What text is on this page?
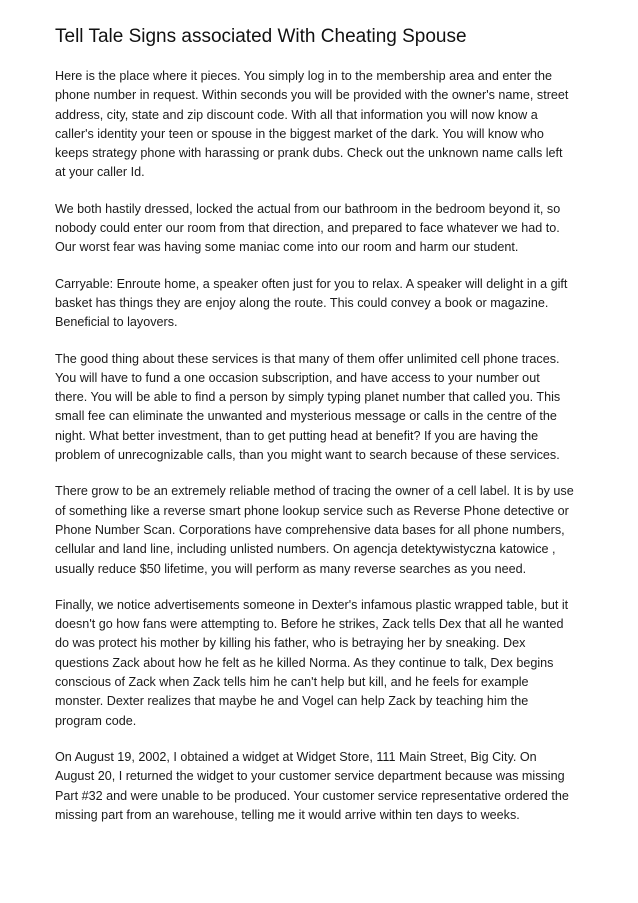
Tell Tale Signs associated With Cheating Spouse

Here is the place where it pieces. You simply log in to the membership area and enter the
phone number in request. Within seconds you will be provided with the owner's name, street
address, city, state and zip discount code. With all that information you will now know a
caller's identity your teen or spouse in the biggest market of the dark. You will know who
keeps strategy phone with harassing or prank dubs. Check out the unknown name calls left
at your caller Id.

We both hastily dressed, locked the actual from our bathroom in the bedroom beyond it, so
nobody could enter our room from that direction, and prepared to face whatever we had to.
Our worst fear was having some maniac come into our room and harm our student.

Carryable: Enroute home, a speaker often just for you to relax. A speaker will delight in a gift
basket has things they are enjoy along the route. This could convey a book or magazine.
Beneficial to layovers.

The good thing about these services is that many of them offer unlimited cell phone traces.
You will have to fund a one occasion subscription, and have access to your number out
there. You will be able to find a person by simply typing planet number that called you. This
small fee can eliminate the unwanted and mysterious message or calls in the centre of the
night. What better investment, than to get putting head at benefit? If you are having the
problem of unrecognizable calls, than you might want to search because of these services.

There grow to be an extremely reliable method of tracing the owner of a cell label. It is by use
of something like a reverse smart phone lookup service such as Reverse Phone detective or
Phone Number Scan. Corporations have comprehensive data bases for all phone numbers,
cellular and land line, including unlisted numbers. On agencja detektywistyczna katowice ,
usually reduce $50 lifetime, you will perform as many reverse searches as you need.

Finally, we notice advertisements someone in Dexter's infamous plastic wrapped table, but it
doesn't go how fans were attempting to. Before he strikes, Zack tells Dex that all he wanted
do was protect his mother by killing his father, who is betraying her by sneaking. Dex
questions Zack about how he felt as he killed Norma. As they continue to talk, Dex begins
conscious of Zack when Zack tells him he can't help but kill, and he feels for example
monster. Dexter realizes that maybe he and Vogel can help Zack by teaching him the
program code.

On August 19, 2002, I obtained a widget at Widget Store, 111 Main Street, Big City. On
August 20, I returned the widget to your customer service department because was missing
Part #32 and were unable to be produced. Your customer service representative ordered the
missing part from an warehouse, telling me it would arrive within ten days to weeks.
